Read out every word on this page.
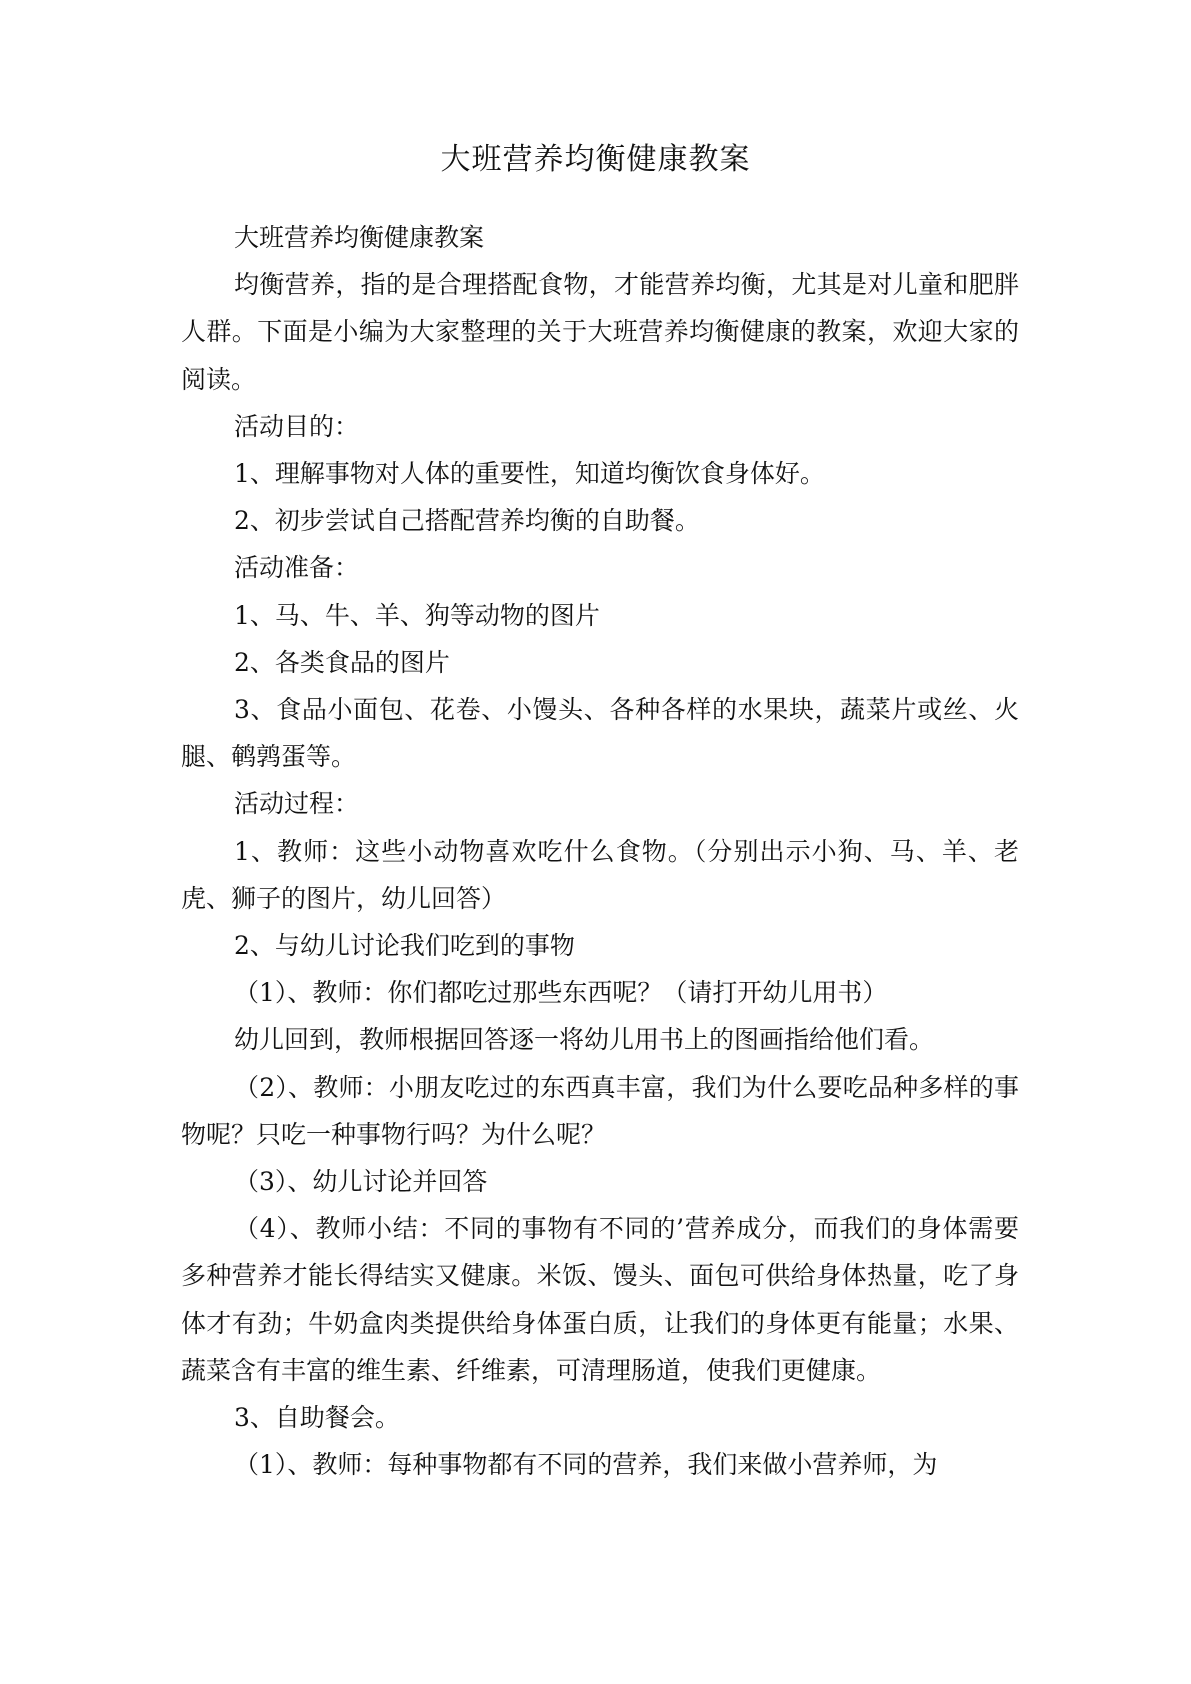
大班营养均衡健康教案

大班营养均衡健康教案

均衡营养，指的是合理搭配食物，才能营养均衡，尤其是对儿童和肥胖人群。下面是小编为大家整理的关于大班营养均衡健康的教案，欢迎大家的阅读。

活动目的：

1、理解事物对人体的重要性，知道均衡饮食身体好。

2、初步尝试自己搭配营养均衡的自助餐。

活动准备：

1、马、牛、羊、狗等动物的图片

2、各类食品的图片

3、食品小面包、花卷、小馒头、各种各样的水果块，蔬菜片或丝、火腿、鹌鹑蛋等。

活动过程：

1、教师：这些小动物喜欢吃什么食物。（分别出示小狗、马、羊、老虎、狮子的图片，幼儿回答）

2、与幼儿讨论我们吃到的事物

（1）、教师：你们都吃过那些东西呢？（请打开幼儿用书）

幼儿回到，教师根据回答逐一将幼儿用书上的图画指给他们看。

（2）、教师：小朋友吃过的东西真丰富，我们为什么要吃品种多样的事物呢？只吃一种事物行吗？为什么呢？

（3）、幼儿讨论并回答

（4）、教师小结：不同的事物有不同的’营养成分，而我们的身体需要多种营养才能长得结实又健康。米饭、馒头、面包可供给身体热量，吃了身体才有劲；牛奶盒肉类提供给身体蛋白质，让我们的身体更有能量；水果、蔬菜含有丰富的维生素、纤维素，可清理肠道，使我们更健康。

3、自助餐会。

（1）、教师：每种事物都有不同的营养，我们来做小营养师，为
